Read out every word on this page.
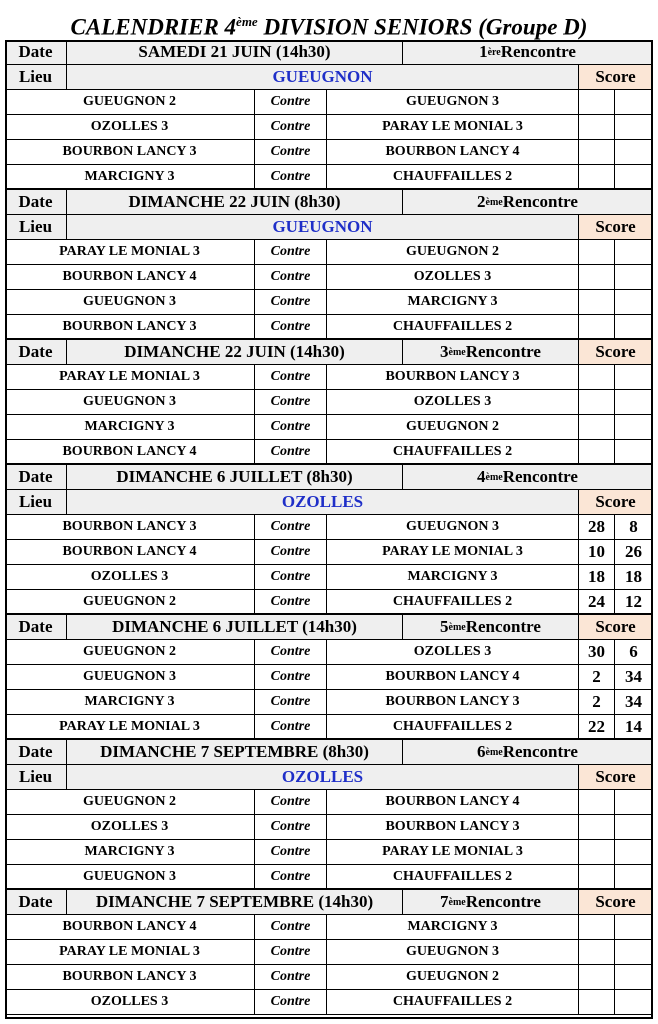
CALENDRIER 4ème DIVISION SENIORS (Groupe D)
Date	SAMEDI 21 JUIN (14h30)	1 ère Rencontre
Lieu	GUEUGNON	Score
GUEUGNON 2	Contre	GUEUGNON 3
OZOLLES 3	Contre	PARAY LE MONIAL 3
BOURBON LANCY 3	Contre	BOURBON LANCY 4
MARCIGNY 3	Contre	CHAUFFAILLES 2
Date	DIMANCHE 22 JUIN (8h30)	2 ème Rencontre
Lieu	GUEUGNON	Score
PARAY LE MONIAL 3	Contre	GUEUGNON 2
BOURBON LANCY 4	Contre	OZOLLES 3
GUEUGNON 3	Contre	MARCIGNY 3
BOURBON LANCY 3	Contre	CHAUFFAILLES 2
Date	DIMANCHE 22 JUIN (14h30)	3 ème Rencontre	Score
PARAY LE MONIAL 3	Contre	BOURBON LANCY 3
GUEUGNON 3	Contre	OZOLLES 3
MARCIGNY 3	Contre	GUEUGNON 2
BOURBON LANCY 4	Contre	CHAUFFAILLES 2
Date	DIMANCHE 6 JUILLET (8h30)	4 ème Rencontre
Lieu	OZOLLES	Score
BOURBON LANCY 3	Contre	GUEUGNON 3	28	8
BOURBON LANCY 4	Contre	PARAY LE MONIAL 3	10	26
OZOLLES 3	Contre	MARCIGNY 3	18	18
GUEUGNON 2	Contre	CHAUFFAILLES 2	24	12
Date	DIMANCHE 6 JUILLET (14h30)	5 ème Rencontre	Score
GUEUGNON 2	Contre	OZOLLES 3	30	6
GUEUGNON 3	Contre	BOURBON LANCY 4	2	34
MARCIGNY 3	Contre	BOURBON LANCY 3	2	34
PARAY LE MONIAL 3	Contre	CHAUFFAILLES 2	22	14
Date	DIMANCHE 7 SEPTEMBRE (8h30)	6 ème Rencontre
Lieu	OZOLLES	Score
GUEUGNON 2	Contre	BOURBON LANCY 4
OZOLLES 3	Contre	BOURBON LANCY 3
MARCIGNY 3	Contre	PARAY LE MONIAL 3
GUEUGNON 3	Contre	CHAUFFAILLES 2
Date	DIMANCHE 7 SEPTEMBRE (14h30)	7 ème Rencontre	Score
BOURBON LANCY 4	Contre	MARCIGNY 3
PARAY LE MONIAL 3	Contre	GUEUGNON 3
BOURBON LANCY 3	Contre	GUEUGNON 2
OZOLLES 3	Contre	CHAUFFAILLES 2
